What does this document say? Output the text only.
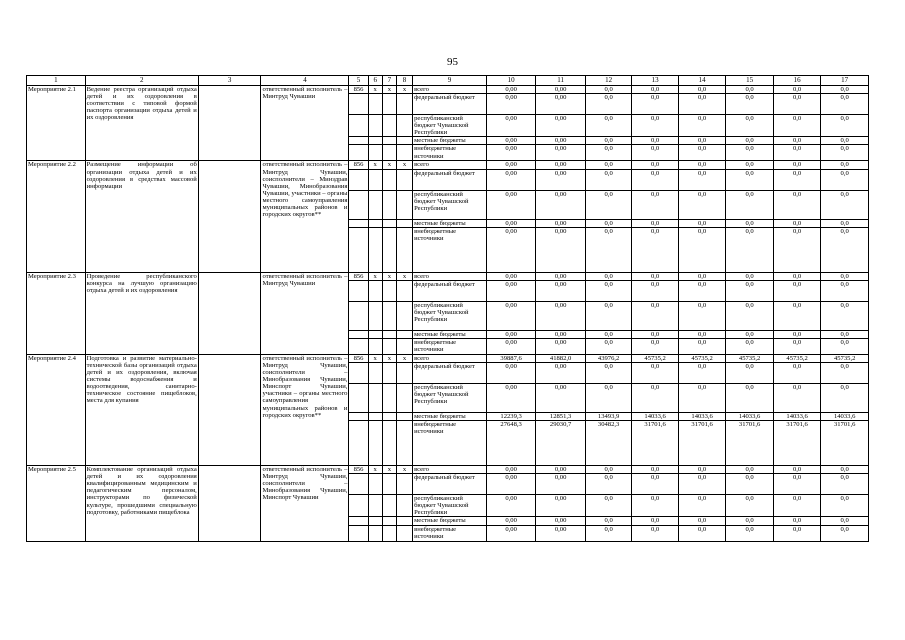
95
1	2	3	4	5	6	7	8	9	10	11	12	13	14	15	16	17
Мероприятие 2.1	Ведение реестра организаций отдыха детей и их оздоровления в соответствии с типовой формой паспорта организации отдыха детей и их оздоровления		ответственный исполнитель – Минтруд Чувашии	856	x	x	x	всего	0,00	0,00	0,0	0,0	0,0	0,0	0,0	0,0
								федеральный бюджет	0,00	0,00	0,0	0,0	0,0	0,0	0,0	0,0
								республиканский бюджет Чувашской Республики	0,00	0,00	0,0	0,0	0,0	0,0	0,0	0,0
								местные бюджеты	0,00	0,00	0,0	0,0	0,0	0,0	0,0	0,0
								внебюджетные источники	0,00	0,00	0,0	0,0	0,0	0,0	0,0	0,0
Мероприятие 2.2	Размещение информации об организации отдыха детей и их оздоровления в средствах массовой информации		ответственный исполнитель – Минтруд Чувашии, соисполнители – Минздрав Чувашии, Минобразования Чувашии, участники – органы местного самоуправления муниципальных районов и городских округов**	856	x	x	x	всего	0,00	0,00	0,0	0,0	0,0	0,0	0,0	0,0
								федеральный бюджет	0,00	0,00	0,0	0,0	0,0	0,0	0,0	0,0
								республиканский бюджет Чувашской Республики	0,00	0,00	0,0	0,0	0,0	0,0	0,0	0,0
								местные бюджеты	0,00	0,00	0,0	0,0	0,0	0,0	0,0	0,0
								внебюджетные источники	0,00	0,00	0,0	0,0	0,0	0,0	0,0	0,0
Мероприятие 2.3	Проведение республиканского конкурса на лучшую организацию отдыха детей и их оздоровления		ответственный исполнитель – Минтруд Чувашии	856	x	x	x	всего	0,00	0,00	0,0	0,0	0,0	0,0	0,0	0,0
								федеральный бюджет	0,00	0,00	0,0	0,0	0,0	0,0	0,0	0,0
								республиканский бюджет Чувашской Республики	0,00	0,00	0,0	0,0	0,0	0,0	0,0	0,0
								местные бюджеты	0,00	0,00	0,0	0,0	0,0	0,0	0,0	0,0
								внебюджетные источники	0,00	0,00	0,0	0,0	0,0	0,0	0,0	0,0
Мероприятие 2.4	Подготовка и развитие материально-технической базы организаций отдыха детей и их оздоровления, включая системы водоснабжения и водоотведения, санитарно-техническое состояние пищеблоков, места для купания		ответственный исполнитель – Минтруд Чувашии, соисполнители – Минобразования Чувашии, Минспорт Чувашии, участники – органы местного самоуправления муниципальных районов и городских округов**	856	x	x	x	всего	39887,6	41882,0	43976,2	45735,2	45735,2	45735,2	45735,2	45735,2
								федеральный бюджет	0,00	0,00	0,0	0,0	0,0	0,0	0,0	0,0
								республиканский бюджет Чувашской Республики	0,00	0,00	0,0	0,0	0,0	0,0	0,0	0,0
								местные бюджеты	12239,3	12851,3	13493,9	14033,6	14033,6	14033,6	14033,6	14033,6
								внебюджетные источники	27648,3	29030,7	30482,3	31701,6	31701,6	31701,6	31701,6	31701,6
Мероприятие 2.5	Комплектование организаций отдыха детей и их оздоровления квалифицированным медицинским и педагогическим персоналом, инструкторами по физической культуре, прошедшими специальную подготовку, работниками пищеблока		ответственный исполнитель – Минтруд Чувашии, соисполнители – Минобразования Чувашии, Минспорт Чувашии	856	x	x	x	всего	0,00	0,00	0,0	0,0	0,0	0,0	0,0	0,0
								федеральный бюджет	0,00	0,00	0,0	0,0	0,0	0,0	0,0	0,0
								республиканский бюджет Чувашской Республики	0,00	0,00	0,0	0,0	0,0	0,0	0,0	0,0
								местные бюджеты	0,00	0,00	0,0	0,0	0,0	0,0	0,0	0,0
								внебюджетные источники	0,00	0,00	0,0	0,0	0,0	0,0	0,0	0,0
